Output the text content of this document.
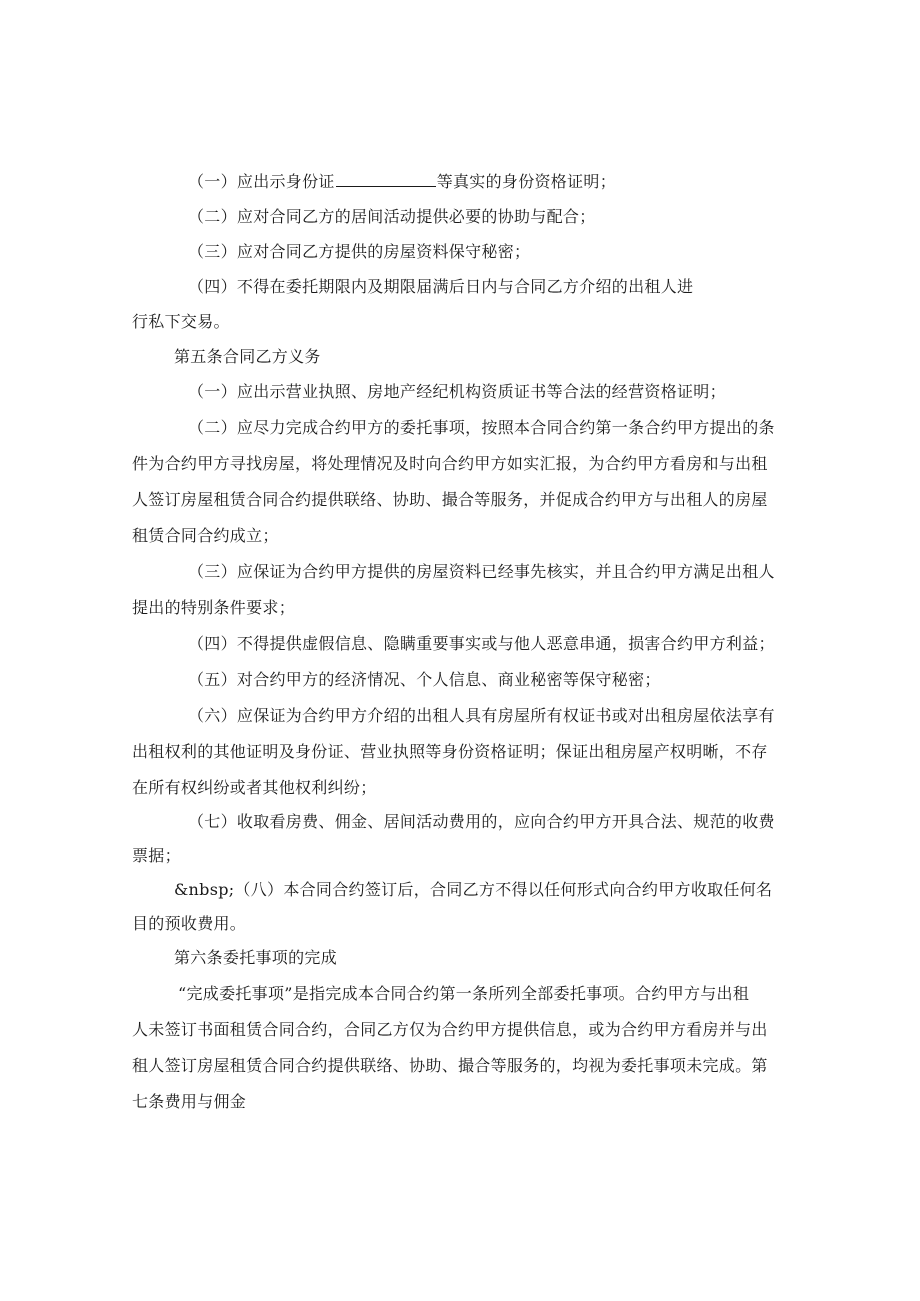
（一）应出示身份证	等真实的身份资格证明；
（二）应对合同乙方的居间活动提供必要的协助与配合；
（三）应对合同乙方提供的房屋资料保守秘密；
（四）不得在委托期限内及期限届满后日内与合同乙方介绍的出租人进
行私下交易。
第五条合同乙方义务
（一）应出示营业执照、房地产经纪机构资质证书等合法的经营资格证明；
（二）应尽力完成合约甲方的委托事项，按照本合同合约第一条合约甲方提出的条
件为合约甲方寻找房屋，将处理情况及时向合约甲方如实汇报，为合约甲方看房和与出租
人签订房屋租赁合同合约提供联络、协助、撮合等服务，并促成合约甲方与出租人的房屋
租赁合同合约成立；
（三）应保证为合约甲方提供的房屋资料已经事先核实，并且合约甲方满足出租人
提出的特别条件要求；
（四）不得提供虚假信息、隐瞒重要事实或与他人恶意串通，损害合约甲方利益；
（五）对合约甲方的经济情况、个人信息、商业秘密等保守秘密；
（六）应保证为合约甲方介绍的出租人具有房屋所有权证书或对出租房屋依法享有
出租权利的其他证明及身份证、营业执照等身份资格证明；保证出租房屋产权明晰，不存
在所有权纠纷或者其他权利纠纷；
（七）收取看房费、佣金、居间活动费用的，应向合约甲方开具合法、规范的收费
票据；
&nbsp;（八）本合同合约签订后，合同乙方不得以任何形式向合约甲方收取任何名
目的预收费用。
第六条委托事项的完成
“完成委托事项”是指完成本合同合约第一条所列全部委托事项。合约甲方与出租
人未签订书面租赁合同合约，合同乙方仅为合约甲方提供信息，或为合约甲方看房并与出
租人签订房屋租赁合同合约提供联络、协助、撮合等服务的，均视为委托事项未完成。第
七条费用与佣金
